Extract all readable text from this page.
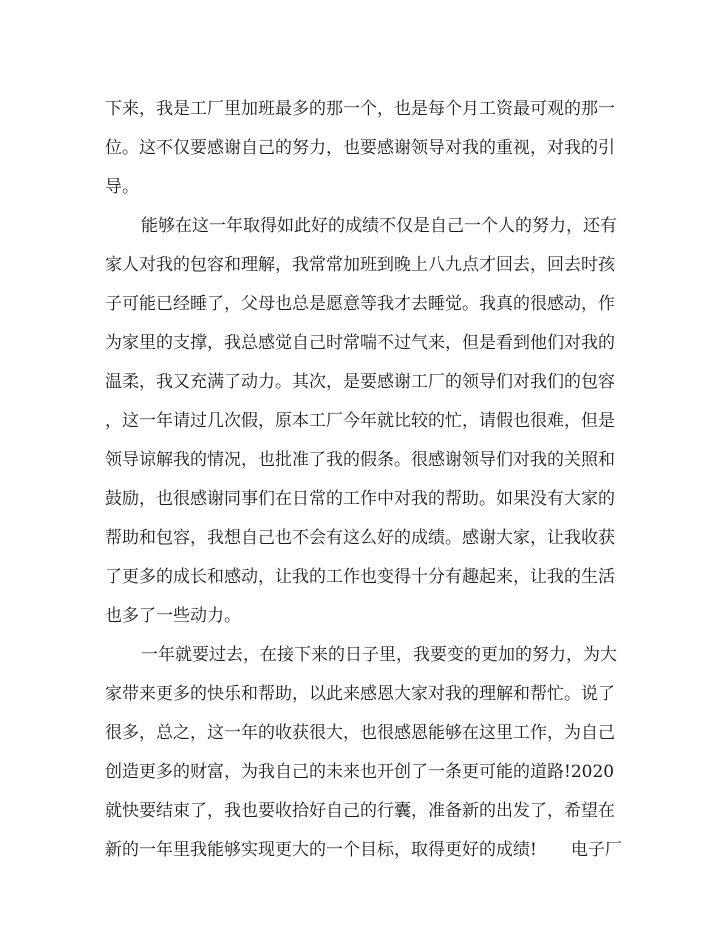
下来，我是工厂里加班最多的那一个，也是每个月工资最可观的那一
位。这不仅要感谢自己的努力，也要感谢领导对我的重视，对我的引
导。
能够在这一年取得如此好的成绩不仅是自己一个人的努力，还有
家人对我的包容和理解，我常常加班到晚上八九点才回去，回去时孩
子可能已经睡了，父母也总是愿意等我才去睡觉。我真的很感动，作
为家里的支撑，我总感觉自己时常喘不过气来，但是看到他们对我的
温柔，我又充满了动力。其次，是要感谢工厂的领导们对我们的包容
，这一年请过几次假，原本工厂今年就比较的忙，请假也很难，但是
领导谅解我的情况，也批准了我的假条。很感谢领导们对我的关照和
鼓励，也很感谢同事们在日常的工作中对我的帮助。如果没有大家的
帮助和包容，我想自己也不会有这么好的成绩。感谢大家，让我收获
了更多的成长和感动，让我的工作也变得十分有趣起来，让我的生活
也多了一些动力。
一年就要过去，在接下来的日子里，我要变的更加的努力，为大
家带来更多的快乐和帮助，以此来感恩大家对我的理解和帮忙。说了
很多，总之，这一年的收获很大，也很感恩能够在这里工作，为自己
创造更多的财富，为我自己的未来也开创了一条更可能的道路!2020
就快要结束了，我也要收拾好自己的行囊，准备新的出发了，希望在
新的一年里我能够实现更大的一个目标，取得更好的成绩!　　电子厂
